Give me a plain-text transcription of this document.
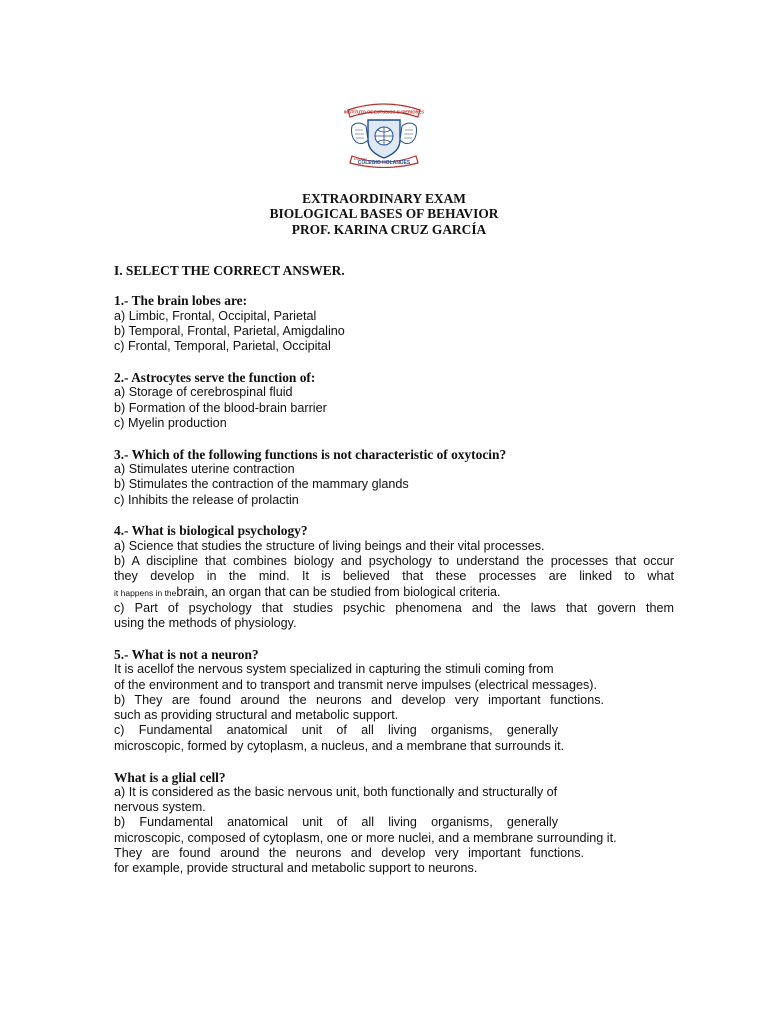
INSTITUTO DE ESTUDIOS SUPERIORES
COLEGIO HOLANDES
ESCUDO
EXTRAORDINARY EXAM
BIOLOGICAL BASES OF BEHAVIOR
PROF. KARINA CRUZ GARCÍA
I. SELECT THE CORRECT ANSWER.
1.- The brain lobes are:
a) Limbic, Frontal, Occipital, Parietal
b) Temporal, Frontal, Parietal, Amigdalino
c) Frontal, Temporal, Parietal, Occipital
2.- Astrocytes serve the function of:
a) Storage of cerebrospinal fluid
b) Formation of the blood-brain barrier
c) Myelin production
3.- Which of the following functions is not characteristic of oxytocin?
a) Stimulates uterine contraction
b) Stimulates the contraction of the mammary glands
c) Inhibits the release of prolactin
4.- What is biological psychology?
a) Science that studies the structure of living beings and their vital processes.
b) A discipline that combines biology and psychology to understand the processes that occur
they develop in the mind. It is believed that these processes are linked to what
it happens in thebrain, an organ that can be studied from biological criteria.
c) Part of psychology that studies psychic phenomena and the laws that govern them
using the methods of physiology.
5.- What is not a neuron?
It is acellof the nervous system specialized in capturing the stimuli coming from
of the environment and to transport and transmit nerve impulses (electrical messages).
b) They are found around the neurons and develop very important functions.
such as providing structural and metabolic support.
c) Fundamental anatomical unit of all living organisms, generally
microscopic, formed by cytoplasm, a nucleus, and a membrane that surrounds it.
What is a glial cell?
a) It is considered as the basic nervous unit, both functionally and structurally of
nervous system.
b) Fundamental anatomical unit of all living organisms, generally
microscopic, composed of cytoplasm, one or more nuclei, and a membrane surrounding it.
They are found around the neurons and develop very important functions.
for example, provide structural and metabolic support to neurons.
